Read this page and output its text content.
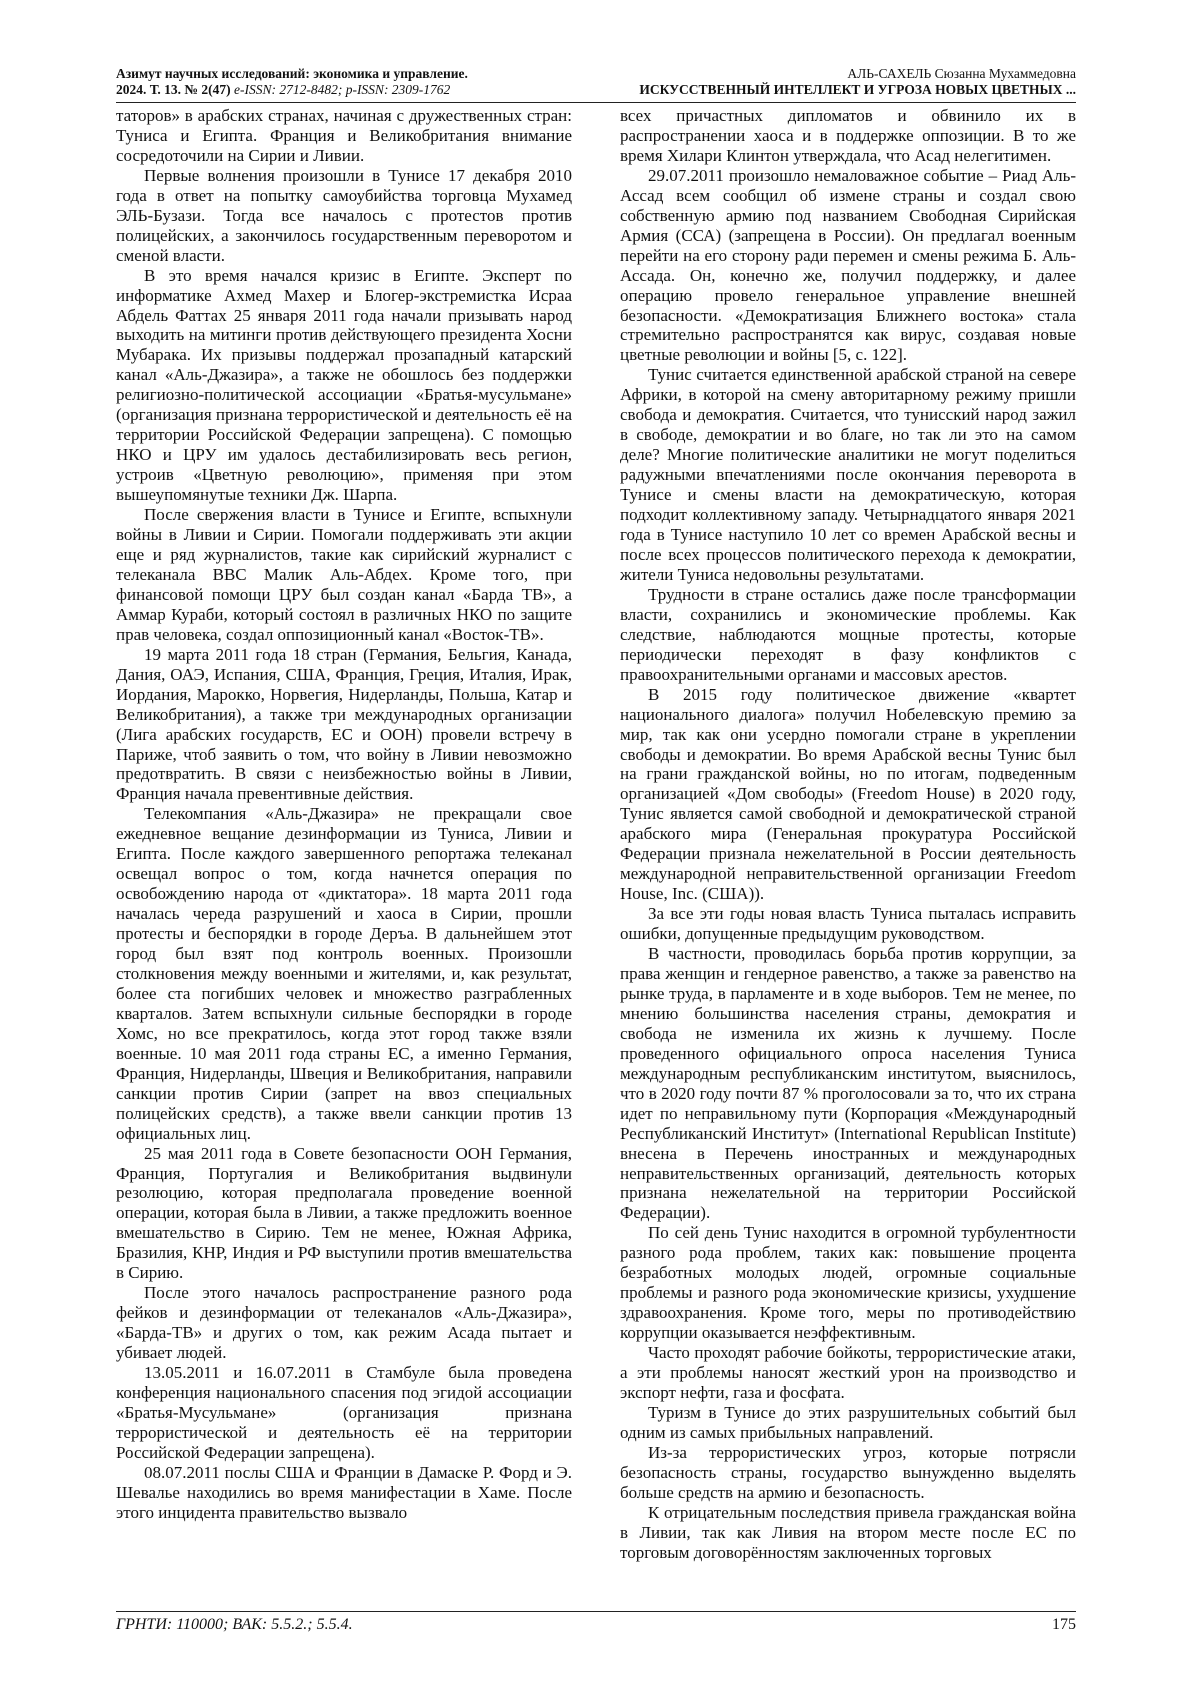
Азимут научных исследований: экономика и управление.
2024. Т. 13. № 2(47) e-ISSN: 2712-8482; p-ISSN: 2309-1762
АЛЬ-САХЕЛЬ Сюзанна Мухаммедовна
ИСКУССТВЕННЫЙ ИНТЕЛЛЕКТ И УГРОЗА НОВЫХ ЦВЕТНЫХ ...

таторов» в арабских странах, начиная с дружественных стран: Туниса и Египта. Франция и Великобритания внимание сосредоточили на Сирии и Ливии.

Первые волнения произошли в Тунисе 17 декабря 2010 года в ответ на попытку самоубийства торговца Мухамед ЭЛЬ-Бузази. Тогда все началось с протестов против полицейских, а закончилось государственным переворотом и сменой власти.

В это время начался кризис в Египте. Эксперт по информатике Ахмед Махер и Блогер-экстремистка Исраа Абдель Фаттах 25 января 2011 года начали призывать народ выходить на митинги против действующего президента Хосни Мубарака. Их призывы поддержал прозападный катарский канал «Аль-Джазира», а также не обошлось без поддержки религиозно-политической ассоциации «Братья-мусульмане» (организация признана террористической и деятельность её на территории Российской Федерации запрещена). С помощью НКО и ЦРУ им удалось дестабилизировать весь регион, устроив «Цветную революцию», применяя при этом вышеупомянутые техники Дж. Шарпа.

После свержения власти в Тунисе и Египте, вспыхнули войны в Ливии и Сирии. Помогали поддерживать эти акции еще и ряд журналистов, такие как сирийский журналист с телеканала BBC Малик Аль-Абдех. Кроме того, при финансовой помощи ЦРУ был создан канал «Барда ТВ», а Аммар Кураби, который состоял в различных НКО по защите прав человека, создал оппозиционный канал «Восток-ТВ».

19 марта 2011 года 18 стран (Германия, Бельгия, Канада, Дания, ОАЭ, Испания, США, Франция, Греция, Италия, Ирак, Иордания, Марокко, Норвегия, Нидерланды, Польша, Катар и Великобритания), а также три международных организации (Лига арабских государств, ЕС и ООН) провели встречу в Париже, чтоб заявить о том, что войну в Ливии невозможно предотвратить. В связи с неизбежностью войны в Ливии, Франция начала превентивные действия.

Телекомпания «Аль-Джазира» не прекращали свое ежедневное вещание дезинформации из Туниса, Ливии и Египта. После каждого завершенного репортажа телеканал освещал вопрос о том, когда начнется операция по освобождению народа от «диктатора». 18 марта 2011 года началась череда разрушений и хаоса в Сирии, прошли протесты и беспорядки в городе Деръа. В дальнейшем этот город был взят под контроль военных. Произошли столкновения между военными и жителями, и, как результат, более ста погибших человек и множество разграбленных кварталов. Затем вспыхнули сильные беспорядки в городе Хомс, но все прекратилось, когда этот город также взяли военные. 10 мая 2011 года страны ЕС, а именно Германия, Франция, Нидерланды, Швеция и Великобритания, направили санкции против Сирии (запрет на ввоз специальных полицейских средств), а также ввели санкции против 13 официальных лиц.

25 мая 2011 года в Совете безопасности ООН Германия, Франция, Португалия и Великобритания выдвинули резолюцию, которая предполагала проведение военной операции, которая была в Ливии, а также предложить военное вмешательство в Сирию. Тем не менее, Южная Африка, Бразилия, КНР, Индия и РФ выступили против вмешательства в Сирию.

После этого началось распространение разного рода фейков и дезинформации от телеканалов «Аль-Джазира», «Барда-ТВ» и других о том, как режим Асада пытает и убивает людей.

13.05.2011 и 16.07.2011 в Стамбуле была проведена конференция национального спасения под эгидой ассоциации «Братья-Мусульмане» (организация признана террористической и деятельность её на территории Российской Федерации запрещена).

08.07.2011 послы США и Франции в Дамаске Р. Форд и Э. Шевалье находились во время манифестации в Хаме. После этого инцидента правительство вызвало

всех причастных дипломатов и обвинило их в распространении хаоса и в поддержке оппозиции. В то же время Хилари Клинтон утверждала, что Асад нелегитимен.

29.07.2011 произошло немаловажное событие – Риад Аль-Ассад всем сообщил об измене страны и создал свою собственную армию под названием Свободная Сирийская Армия (ССА) (запрещена в России). Он предлагал военным перейти на его сторону ради перемен и смены режима Б. Аль-Ассада. Он, конечно же, получил поддержку, и далее операцию провело генеральное управление внешней безопасности. «Демократизация Ближнего востока» стала стремительно распространятся как вирус, создавая новые цветные революции и войны [5, с. 122].

Тунис считается единственной арабской страной на севере Африки, в которой на смену авторитарному режиму пришли свобода и демократия. Считается, что тунисский народ зажил в свободе, демократии и во благе, но так ли это на самом деле? Многие политические аналитики не могут поделиться радужными впечатлениями после окончания переворота в Тунисе и смены власти на демократическую, которая подходит коллективному западу. Четырнадцатого января 2021 года в Тунисе наступило 10 лет со времен Арабской весны и после всех процессов политического перехода к демократии, жители Туниса недовольны результатами.

Трудности в стране остались даже после трансформации власти, сохранились и экономические проблемы. Как следствие, наблюдаются мощные протесты, которые периодически переходят в фазу конфликтов с правоохранительными органами и массовых арестов.

В 2015 году политическое движение «квартет национального диалога» получил Нобелевскую премию за мир, так как они усердно помогали стране в укреплении свободы и демократии. Во время Арабской весны Тунис был на грани гражданской войны, но по итогам, подведенным организацией «Дом свободы» (Freedom House) в 2020 году, Тунис является самой свободной и демократической страной арабского мира (Генеральная прокуратура Российской Федерации признала нежелательной в России деятельность международной неправительственной организации Freedom House, Inc. (США)).

За все эти годы новая власть Туниса пыталась исправить ошибки, допущенные предыдущим руководством.

В частности, проводилась борьба против коррупции, за права женщин и гендерное равенство, а также за равенство на рынке труда, в парламенте и в ходе выборов. Тем не менее, по мнению большинства населения страны, демократия и свобода не изменила их жизнь к лучшему. После проведенного официального опроса населения Туниса международным республиканским институтом, выяснилось, что в 2020 году почти 87 % проголосовали за то, что их страна идет по неправильному пути (Корпорация «Международный Республиканский Институт» (International Republican Institute) внесена в Перечень иностранных и международных неправительственных организаций, деятельность которых признана нежелательной на территории Российской Федерации).

По сей день Тунис находится в огромной турбулентности разного рода проблем, таких как: повышение процента безработных молодых людей, огромные социальные проблемы и разного рода экономические кризисы, ухудшение здравоохранения. Кроме того, меры по противодействию коррупции оказывается неэффективным.

Часто проходят рабочие бойкоты, террористические атаки, а эти проблемы наносят жесткий урон на производство и экспорт нефти, газа и фосфата.

Туризм в Тунисе до этих разрушительных событий был одним из самых прибыльных направлений.

Из-за террористических угроз, которые потрясли безопасность страны, государство вынужденно выделять больше средств на армию и безопасность.

К отрицательным последствия привела гражданская война в Ливии, так как Ливия на втором месте после ЕС по торговым договорённостям заключенных торговых

ГРНТИ: 110000; ВАК: 5.5.2.; 5.5.4.	175
